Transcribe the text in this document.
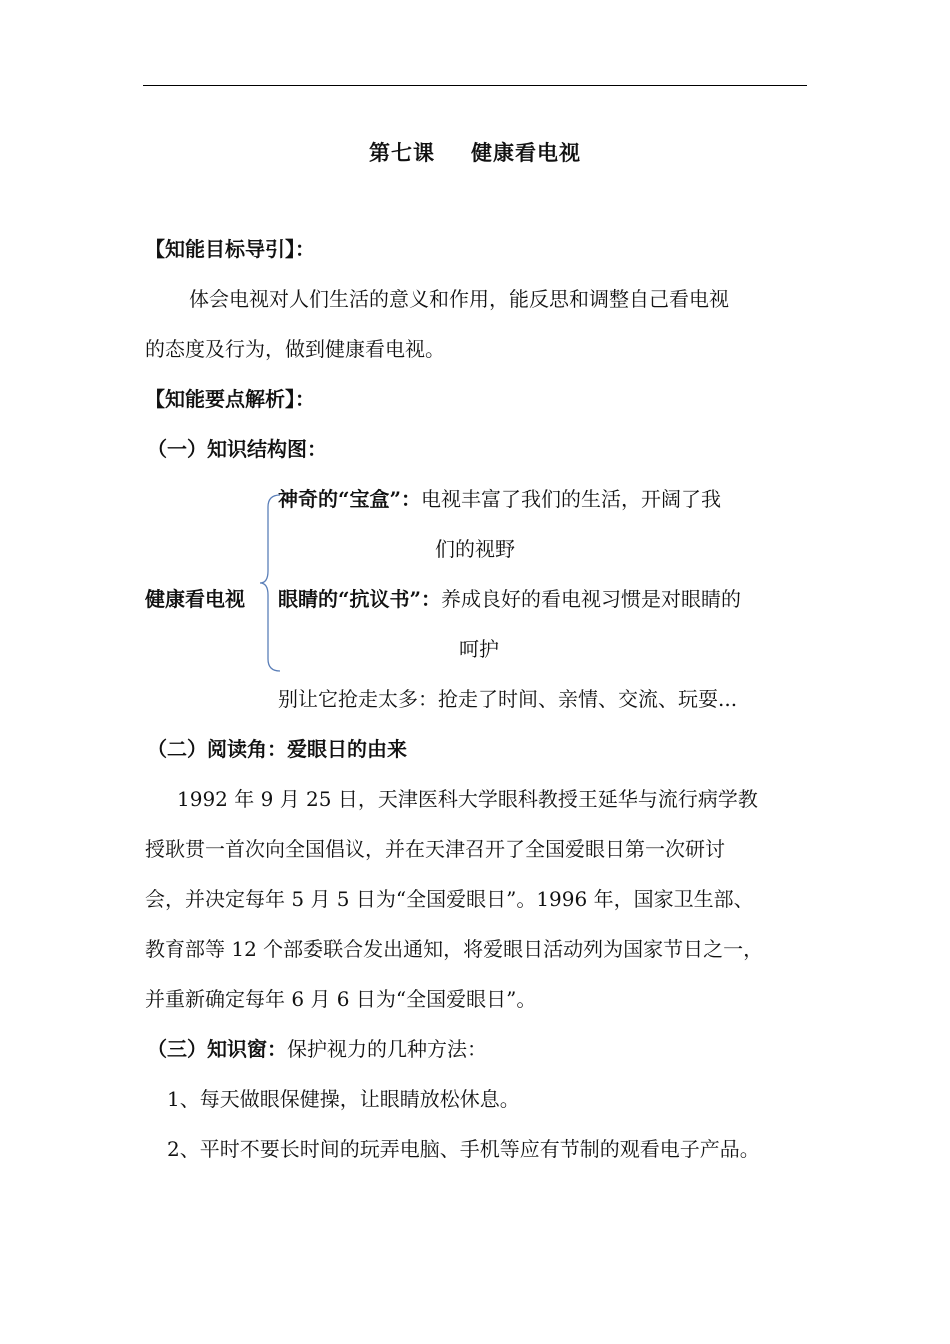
第七课 健康看电视
【知能目标导引】：
体会电视对人们生活的意义和作用，能反思和调整自己看电视
的态度及行为，做到健康看电视。
【知能要点解析】：
（一）知识结构图：
健康看电视
神奇的“宝盒”：电视丰富了我们的生活，开阔了我
们的视野
眼睛的“抗议书”：养成良好的看电视习惯是对眼睛的
呵护
别让它抢走太多：抢走了时间、亲情、交流、玩耍...
（二）阅读角：爱眼日的由来
1992 年 9 月 25 日，天津医科大学眼科教授王延华与流行病学教
授耿贯一首次向全国倡议，并在天津召开了全国爱眼日第一次研讨
会，并决定每年 5 月 5 日为“全国爱眼日”。1996 年，国家卫生部、
教育部等 12 个部委联合发出通知，将爱眼日活动列为国家节日之一，
并重新确定每年 6 月 6 日为“全国爱眼日”。
（三）知识窗：保护视力的几种方法：
1、每天做眼保健操，让眼睛放松休息。
2、平时不要长时间的玩弄电脑、手机等应有节制的观看电子产品。
